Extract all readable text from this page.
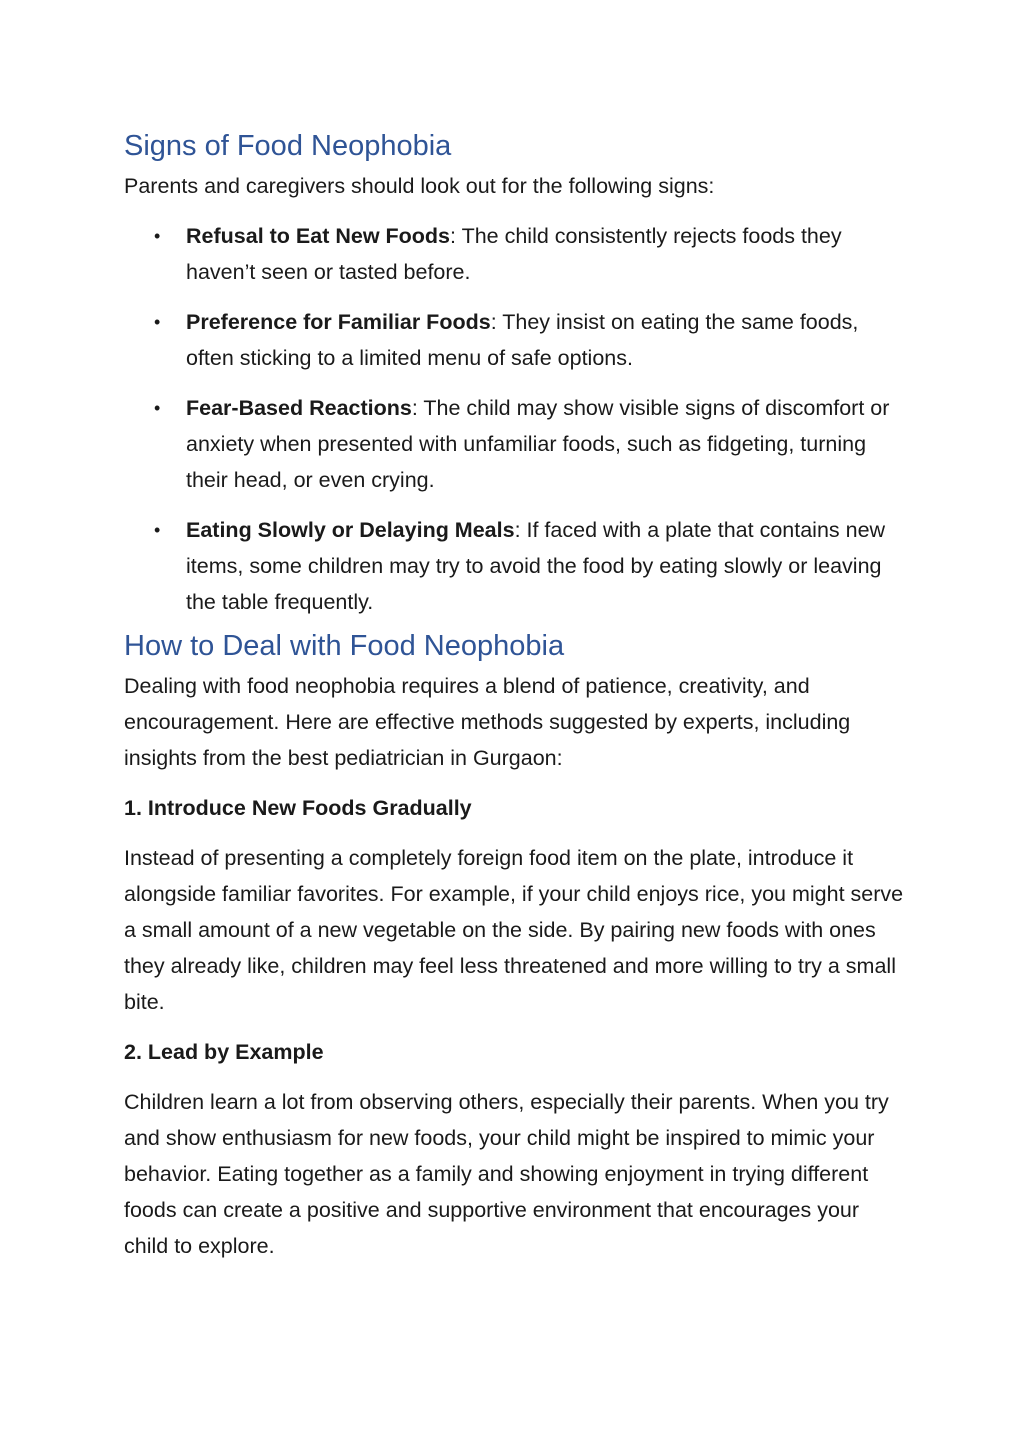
Signs of Food Neophobia

Parents and caregivers should look out for the following signs:

• Refusal to Eat New Foods: The child consistently rejects foods they haven’t seen or tasted before.
• Preference for Familiar Foods: They insist on eating the same foods, often sticking to a limited menu of safe options.
• Fear-Based Reactions: The child may show visible signs of discomfort or anxiety when presented with unfamiliar foods, such as fidgeting, turning their head, or even crying.
• Eating Slowly or Delaying Meals: If faced with a plate that contains new items, some children may try to avoid the food by eating slowly or leaving the table frequently.
How to Deal with Food Neophobia

Dealing with food neophobia requires a blend of patience, creativity, and encouragement. Here are effective methods suggested by experts, including insights from the best pediatrician in Gurgaon:

1. Introduce New Foods Gradually

Instead of presenting a completely foreign food item on the plate, introduce it alongside familiar favorites. For example, if your child enjoys rice, you might serve a small amount of a new vegetable on the side. By pairing new foods with ones they already like, children may feel less threatened and more willing to try a small bite.

2. Lead by Example

Children learn a lot from observing others, especially their parents. When you try and show enthusiasm for new foods, your child might be inspired to mimic your behavior. Eating together as a family and showing enjoyment in trying different foods can create a positive and supportive environment that encourages your child to explore.
